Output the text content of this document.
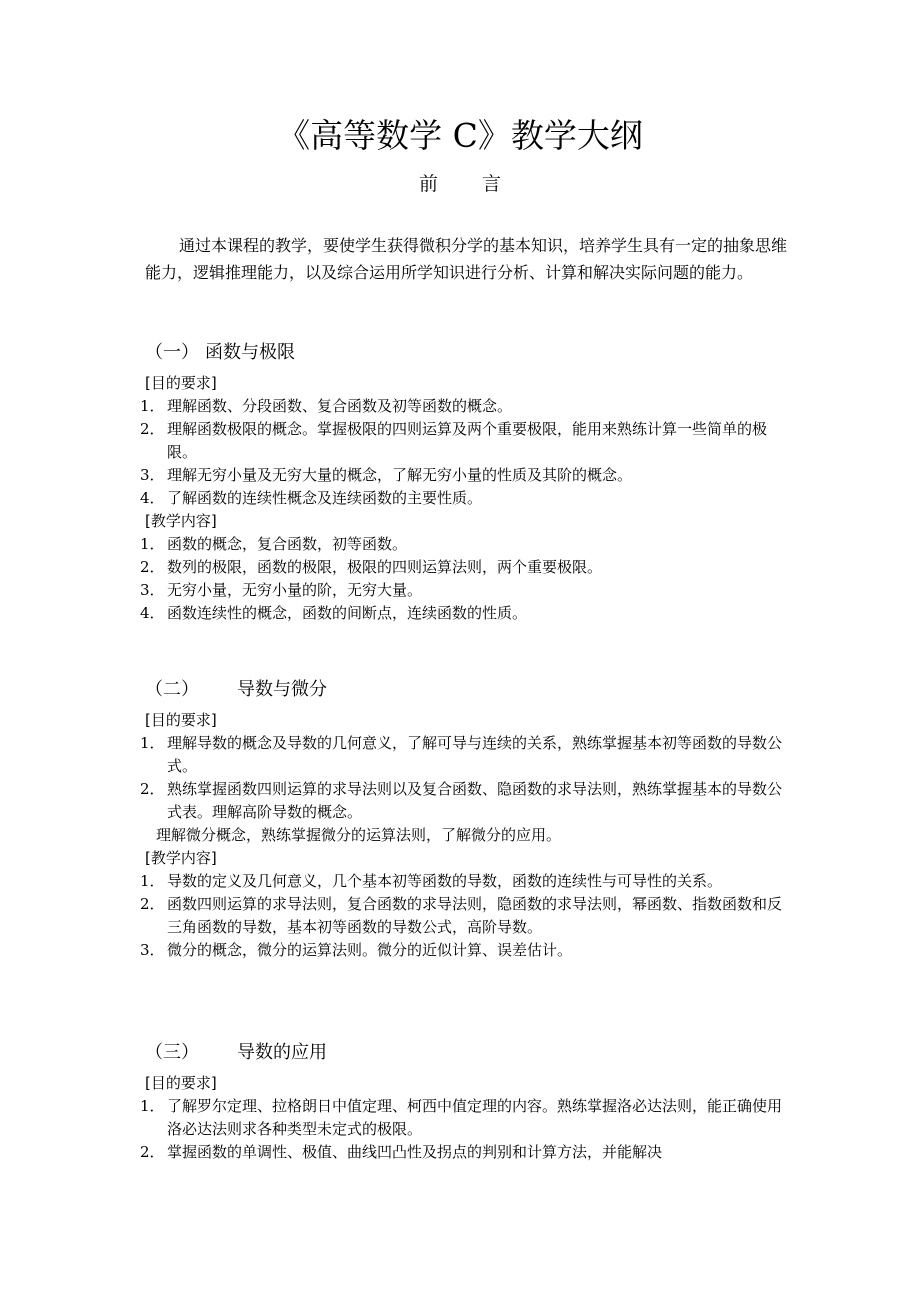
《高等数学 C》教学大纲
前言

通过本课程的教学，要使学生获得微积分学的基本知识，培养学生具有一定的抽象思维能力，逻辑推理能力，以及综合运用所学知识进行分析、计算和解决实际问题的能力。

（一） 函数与极限
[目的要求]
1． 理解函数、分段函数、复合函数及初等函数的概念。
2． 理解函数极限的概念。掌握极限的四则运算及两个重要极限，能用来熟练计算一些简单的极限。
3． 理解无穷小量及无穷大量的概念，了解无穷小量的性质及其阶的概念。
4． 了解函数的连续性概念及连续函数的主要性质。
[教学内容]
1． 函数的概念，复合函数，初等函数。
2． 数列的极限，函数的极限，极限的四则运算法则，两个重要极限。
3． 无穷小量，无穷小量的阶，无穷大量。
4． 函数连续性的概念，函数的间断点，连续函数的性质。
（二） 导数与微分
[目的要求]
1． 理解导数的概念及导数的几何意义，了解可导与连续的关系，熟练掌握基本初等函数的导数公式。
2． 熟练掌握函数四则运算的求导法则以及复合函数、隐函数的求导法则，熟练掌握基本的导数公式表。理解高阶导数的概念。
理解微分概念，熟练掌握微分的运算法则，了解微分的应用。
[教学内容]
1． 导数的定义及几何意义，几个基本初等函数的导数，函数的连续性与可导性的关系。
2． 函数四则运算的求导法则，复合函数的求导法则，隐函数的求导法则，幂函数、指数函数和反三角函数的导数，基本初等函数的导数公式，高阶导数。
3． 微分的概念，微分的运算法则。微分的近似计算、误差估计。
（三） 导数的应用
[目的要求]
1． 了解罗尔定理、拉格朗日中值定理、柯西中值定理的内容。熟练掌握洛必达法则，能正确使用洛必达法则求各种类型未定式的极限。
2． 掌握函数的单调性、极值、曲线凹凸性及拐点的判别和计算方法，并能解决
